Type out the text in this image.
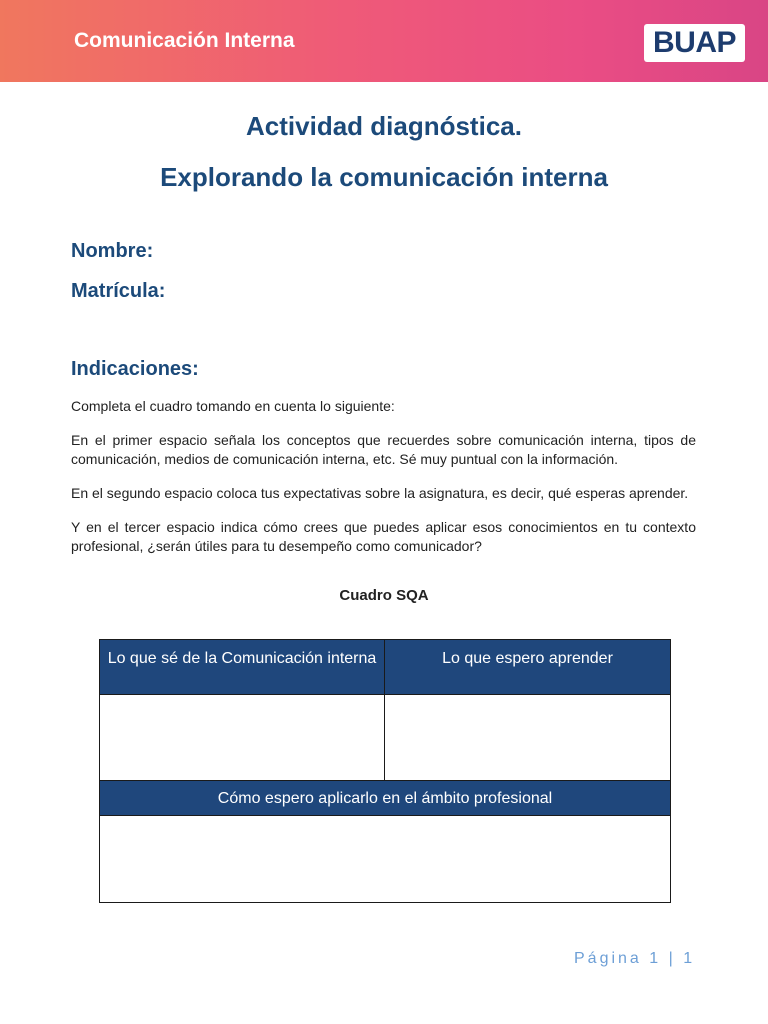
Comunicación Interna	BUAP
Actividad diagnóstica.
Explorando la comunicación interna
Nombre:
Matrícula:
Indicaciones:

Completa el cuadro tomando en cuenta lo siguiente:

En el primer espacio señala los conceptos que recuerdes sobre comunicación interna, tipos de comunicación, medios de comunicación interna, etc. Sé muy puntual con la información.

En el segundo espacio coloca tus expectativas sobre la asignatura, es decir, qué esperas aprender.

Y en el tercer espacio indica cómo crees que puedes aplicar esos conocimientos en tu contexto profesional, ¿serán útiles para tu desempeño como comunicador?

Cuadro SQA
Lo que sé de la Comunicación interna	Lo que espero aprender
Cómo espero aplicarlo en el ámbito profesional
Página 1 | 1
